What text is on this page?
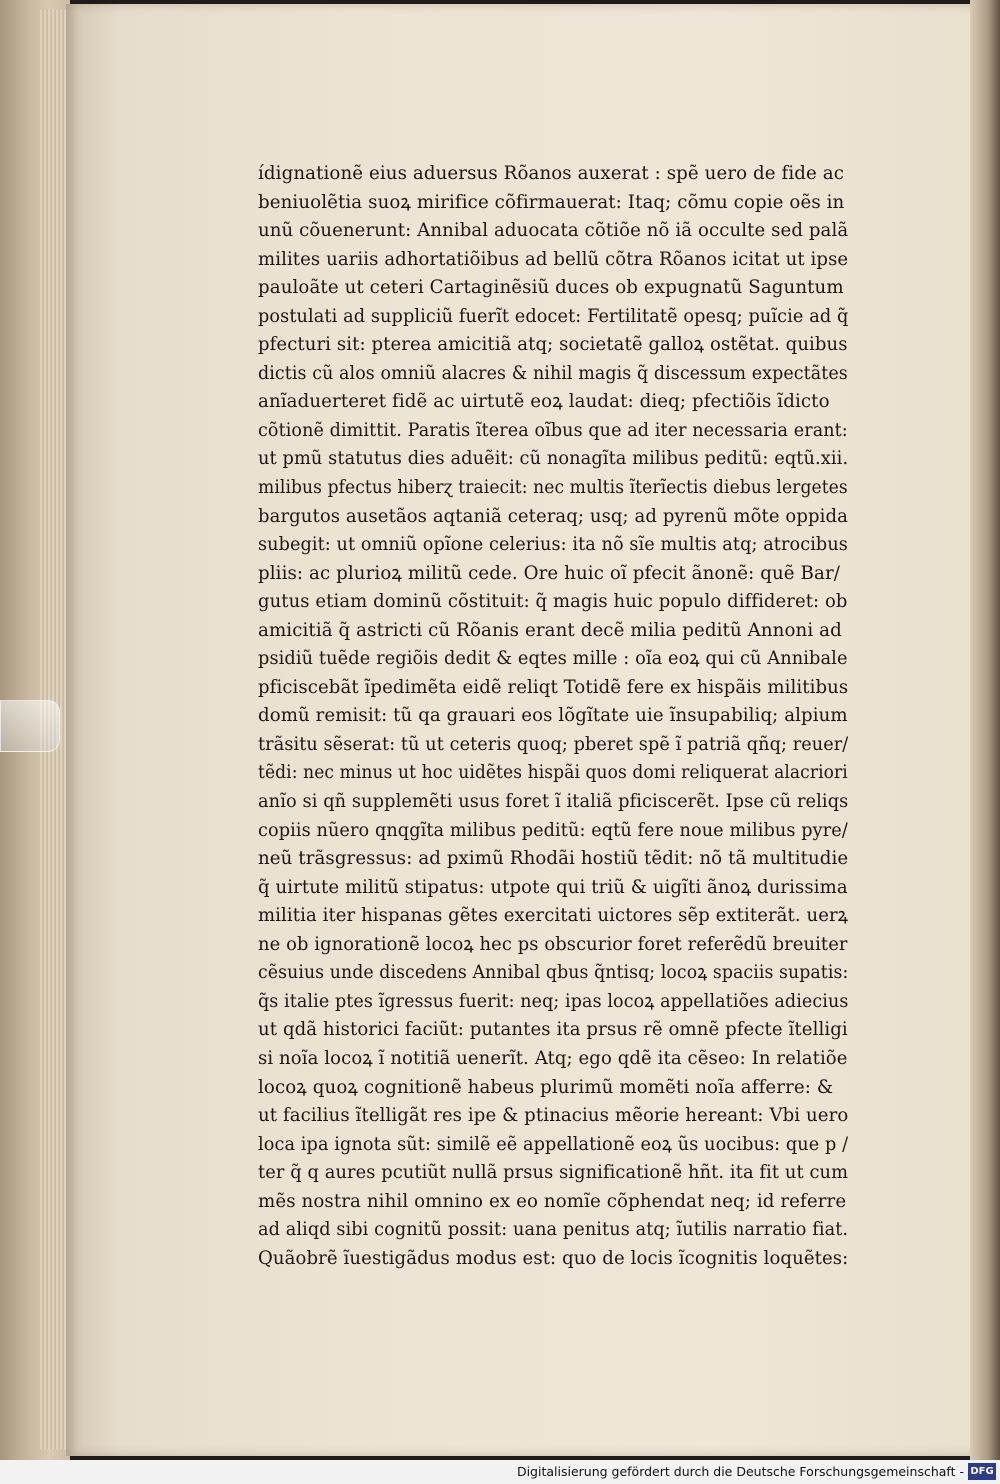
ídignationẽ eius aduersus Rõanos auxerat : spẽ uero de fide ac
beniuolẽtia suoꝝ mirifice cõfirmauerat: Itaq; cõmu copie oẽs in
unũ cõuenerunt: Annibal aduocata cõtiõe nõ iã occulte sed palã
milites uariis adhortatiõibus ad bellũ cõtra Rõanos icitat ut ipse
pauloãte ut ceteri Cartaginẽsiũ duces ob expugnatũ Saguntum
postulati ad suppliciũ fuerĩt edocet: Fertilitatẽ opesq; puĩcie ad q̃
pfecturi sit: pterea amicitiã atq; societatẽ galloꝝ ostẽtat. quibus
dictis cũ alos omniũ alacres & nihil magis q̃ discessum expectãtes
anĩaduerteret fidẽ ac uirtutẽ eoꝝ laudat: dieq; pfectiõis ĩdicto
cõtionẽ dimittit. Paratis ĩterea oĩbus que ad iter necessaria erant:
ut pmũ statutus dies aduẽit: cũ nonagĩta milibus peditũ: eqtũ.xii.
milibus pfectus hiberɀ traiecit: nec multis ĩterĩectis diebus lergetes
bargutos ausetãos aqtaniã ceteraq; usq; ad pyrenũ mõte oppida
subegit: ut omniũ opĩone celerius: ita nõ sĩe multis atq; atrocibus
pliis: ac plurioꝝ militũ cede. Ore huic oĩ pfecit ãnonẽ: quẽ Bar/
gutus etiam dominũ cõstituit: q̃ magis huic populo diffideret: ob
amicitiã q̃ astricti cũ Rõanis erant decẽ milia peditũ Annoni ad
psidiũ tuẽde regiõis dedit & eqtes mille : oĩa eoꝝ qui cũ Annibale
pficiscebãt ĩpedimẽta eidẽ reliqt Totidẽ fere ex hispãis militibus
domũ remisit: tũ qa grauari eos lõgĩtate uie ĩnsupabiliq; alpium
trãsitu sẽserat: tũ ut ceteris quoq; pberet spẽ ĩ patriã qñq; reuer/
tẽdi: nec minus ut hoc uidẽtes hispãi quos domi reliquerat alacriori
anĩo si qñ supplemẽti usus foret ĩ italiã pficiscerẽt. Ipse cũ reliqs
copiis nũero qnqgĩta milibus peditũ: eqtũ fere noue milibus pyre/
neũ trãsgressus: ad pximũ Rhodãi hostiũ tẽdit: nõ tã multitudie
q̃ uirtute militũ stipatus: utpote qui triũ & uigĩti ãnoꝝ durissima
militia iter hispanas gẽtes exercitati uictores sẽp extiterãt. uerꝝ
ne ob ignorationẽ locoꝝ hec ps obscurior foret referẽdũ breuiter
cẽsuius unde discedens Annibal qbus q̃ntisq; locoꝝ spaciis supatis:
q̃s italie ptes ĩgressus fuerit: neq; ipas locoꝝ appellatiões adiecius
ut qdã historici faciũt: putantes ita prsus rẽ omnẽ pfecte ĩtelligi
si noĩa locoꝝ ĩ notitiã uenerĩt. Atq; ego qdẽ ita cẽseo: In relatiõe
locoꝝ quoꝝ cognitionẽ habeus plurimũ momẽti noĩa afferre: &
ut facilius ĩtelligãt res ipe & ptinacius mẽorie hereant: Vbi uero
loca ipa ignota sũt: similẽ eẽ appellationẽ eoꝝ ũs uocibus: que p /
ter q̃ q aures pcutiũt nullã prsus significationẽ hñt. ita fit ut cum
mẽs nostra nihil omnino ex eo nomĩe cõphendat neq; id referre
ad aliqd sibi cognitũ possit: uana penitus atq; ĩutilis narratio fiat.
Quãobrẽ ĩuestigãdus modus est: quo de locis ĩcognitis loquẽtes:
Digitalisierung gefördert durch die Deutsche Forschungsgemeinschaft - DFG
